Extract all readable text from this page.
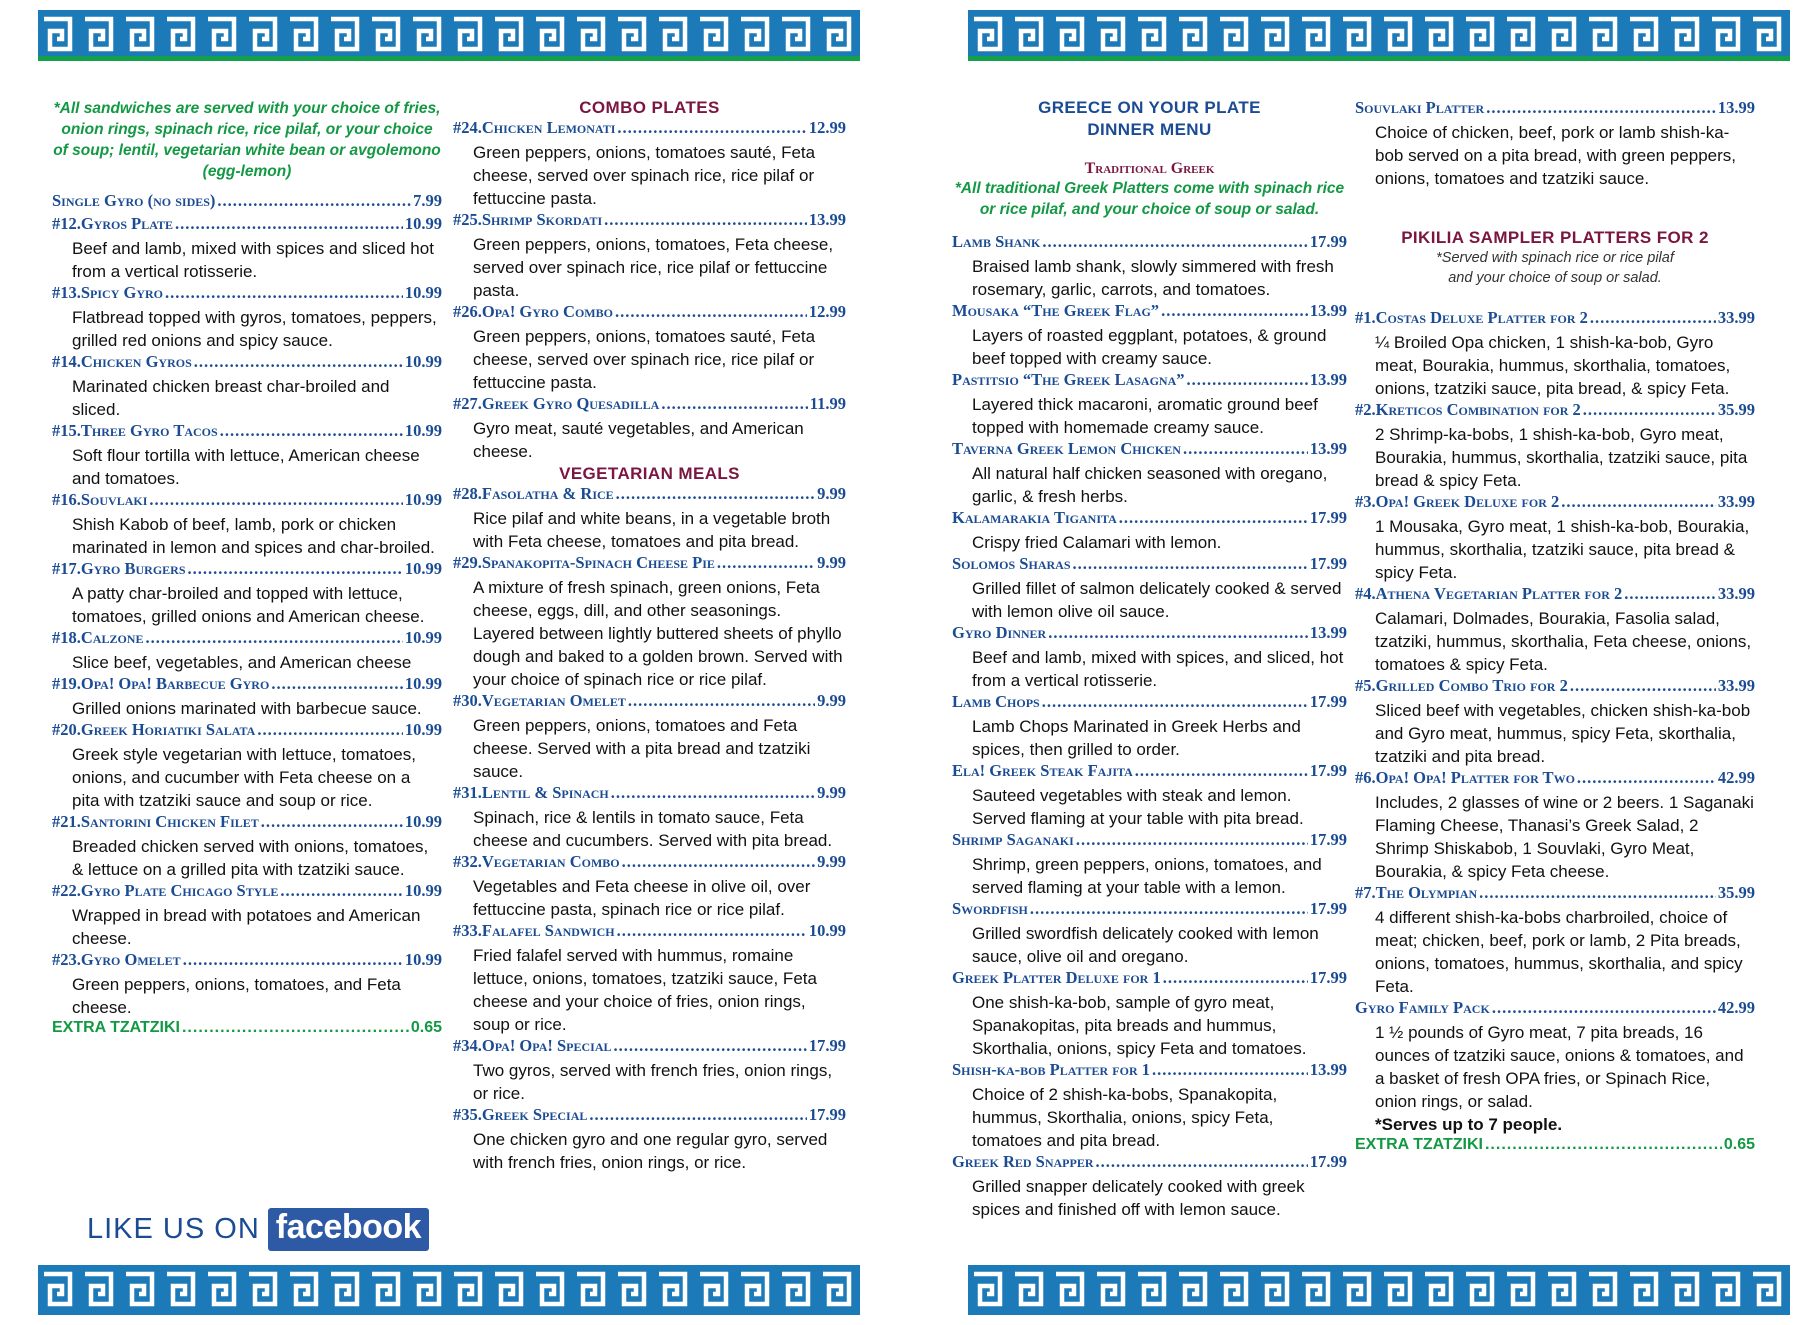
*All sandwiches are served with your choice of fries, onion rings, spinach rice, rice pilaf, or your choice of soup; lentil, vegetarian white bean or avgolemono (egg-lemon)
Single Gyro (no sides) .....	7.99
#12.Gyros Plate .....	10.99
Beef and lamb, mixed with spices and sliced hot from a vertical rotisserie.
#13.Spicy Gyro .....	10.99
Flatbread topped with gyros, tomatoes, peppers, grilled red onions and spicy sauce.
#14.Chicken Gyros .....	10.99
Marinated chicken breast char-broiled and sliced.
#15.Three Gyro Tacos .....	10.99
Soft flour tortilla with lettuce, American cheese and tomatoes.
#16.Souvlaki .....	10.99
Shish Kabob of beef, lamb, pork or chicken marinated in lemon and spices and char-broiled.
#17.Gyro Burgers .....	10.99
A patty char-broiled and topped with lettuce, tomatoes, grilled onions and American cheese.
#18.Calzone .....	10.99
Slice beef, vegetables, and American cheese
#19.Opa! Opa! Barbecue Gyro .....	10.99
Grilled onions marinated with barbecue sauce.
#20.Greek Horiatiki Salata .....	10.99
Greek style vegetarian with lettuce, tomatoes, onions, and cucumber with Feta cheese on a pita with tzatziki sauce and soup or rice.
#21.Santorini Chicken Filet .....	10.99
Breaded chicken served with onions, tomatoes, & lettuce on a grilled pita with tzatziki sauce.
#22.Gyro Plate Chicago Style .....	10.99
Wrapped in bread with potatoes and American cheese.
#23.Gyro Omelet .....	10.99
Green peppers, onions, tomatoes, and Feta cheese.
EXTRA TZATZIKI .....	0.65
COMBO PLATES
#24.Chicken Lemonati .....	12.99
Green peppers, onions, tomatoes sauté, Feta cheese, served over spinach rice, rice pilaf or fettuccine pasta.
#25.Shrimp Skordati .....	13.99
Green peppers, onions, tomatoes, Feta cheese, served over spinach rice, rice pilaf or fettuccine pasta.
#26.Opa! Gyro Combo .....	12.99
Green peppers, onions, tomatoes sauté, Feta cheese, served over spinach rice, rice pilaf or fettuccine pasta.
#27.Greek Gyro Quesadilla .....	11.99
Gyro meat, sauté vegetables, and American cheese.
VEGETARIAN MEALS
#28.Fasolatha & Rice .....	9.99
Rice pilaf and white beans, in a vegetable broth with Feta cheese, tomatoes and pita bread.
#29.Spanakopita-Spinach Cheese Pie .....	9.99
A mixture of fresh spinach, green onions, Feta cheese, eggs, dill, and other seasonings. Layered between lightly buttered sheets of phyllo dough and baked to a golden brown. Served with your choice of spinach rice or rice pilaf.
#30.Vegetarian Omelet .....	9.99
Green peppers, onions, tomatoes and Feta cheese. Served with a pita bread and tzatziki sauce.
#31.Lentil & Spinach .....	9.99
Spinach, rice & lentils in tomato sauce, Feta cheese and cucumbers. Served with pita bread.
#32.Vegetarian Combo .....	9.99
Vegetables and Feta cheese in olive oil, over fettuccine pasta, spinach rice or rice pilaf.
#33.Falafel Sandwich .....	10.99
Fried falafel served with hummus, romaine lettuce, onions, tomatoes, tzatziki sauce, Feta cheese and your choice of fries, onion rings, soup or rice.
#34.Opa! Opa! Special .....	17.99
Two gyros, served with french fries, onion rings, or rice.
#35.Greek Special .....	17.99
One chicken gyro and one regular gyro, served with french fries, onion rings, or rice.
LIKE US ON facebook
GREECE ON YOUR PLATE
DINNER MENU
Traditional Greek
*All traditional Greek Platters come with spinach rice or rice pilaf, and your choice of soup or salad.
Lamb Shank .....	17.99
Braised lamb shank, slowly simmered with fresh rosemary, garlic, carrots, and tomatoes.
Mousaka “The Greek Flag” .....	13.99
Layers of roasted eggplant, potatoes, & ground beef topped with creamy sauce.
Pastitsio “The Greek Lasagna” .....	13.99
Layered thick macaroni, aromatic ground beef topped with homemade creamy sauce.
Taverna Greek Lemon Chicken .....	13.99
All natural half chicken seasoned with oregano, garlic, & fresh herbs.
Kalamarakia Tiganita .....	17.99
Crispy fried Calamari with lemon.
Solomos Sharas .....	17.99
Grilled fillet of salmon delicately cooked & served with lemon olive oil sauce.
Gyro Dinner .....	13.99
Beef and lamb, mixed with spices, and sliced, hot from a vertical rotisserie.
Lamb Chops .....	17.99
Lamb Chops Marinated in Greek Herbs and spices, then grilled to order.
Ela! Greek Steak Fajita .....	17.99
Sauteed vegetables with steak and lemon. Served flaming at your table with pita bread.
Shrimp Saganaki .....	17.99
Shrimp, green peppers, onions, tomatoes, and served flaming at your table with a lemon.
Swordfish .....	17.99
Grilled swordfish delicately cooked with lemon sauce, olive oil and oregano.
Greek Platter Deluxe for 1 .....	17.99
One shish-ka-bob, sample of gyro meat, Spanakopitas, pita breads and hummus, Skorthalia, onions, spicy Feta and tomatoes.
Shish-ka-bob Platter for 1 .....	13.99
Choice of 2 shish-ka-bobs, Spanakopita, hummus, Skorthalia, onions, spicy Feta, tomatoes and pita bread.
Greek Red Snapper .....	17.99
Grilled snapper delicately cooked with greek spices and finished off with lemon sauce.
Souvlaki Platter .....	13.99
Choice of chicken, beef, pork or lamb shish-ka-bob served on a pita bread, with green peppers, onions, tomatoes and tzatziki sauce.
PIKILIA SAMPLER PLATTERS FOR 2
*Served with spinach rice or rice pilaf
and your choice of soup or salad.
#1.Costas Deluxe Platter for 2 .....	33.99
¼ Broiled Opa chicken, 1 shish-ka-bob, Gyro meat, Bourakia, hummus, skorthalia, tomatoes, onions, tzatziki sauce, pita bread, & spicy Feta.
#2.Kreticos Combination for 2 .....	35.99
2 Shrimp-ka-bobs, 1 shish-ka-bob, Gyro meat, Bourakia, hummus, skorthalia, tzatziki sauce, pita bread & spicy Feta.
#3.Opa! Greek Deluxe for 2 .....	33.99
1 Mousaka, Gyro meat, 1 shish-ka-bob, Bourakia, hummus, skorthalia, tzatziki sauce, pita bread & spicy Feta.
#4.Athena Vegetarian Platter for 2 .....	33.99
Calamari, Dolmades, Bourakia, Fasolia salad, tzatziki, hummus, skorthalia, Feta cheese, onions, tomatoes & spicy Feta.
#5.Grilled Combo Trio for 2 .....	33.99
Sliced beef with vegetables, chicken shish-ka-bob and Gyro meat, hummus, spicy Feta, skorthalia, tzatziki and pita bread.
#6.Opa! Opa! Platter for Two .....	42.99
Includes, 2 glasses of wine or 2 beers. 1 Saganaki Flaming Cheese, Thanasi’s Greek Salad, 2 Shrimp Shiskabob, 1 Souvlaki, Gyro Meat, Bourakia, & spicy Feta cheese.
#7.The Olympian .....	35.99
4 different shish-ka-bobs charbroiled, choice of meat; chicken, beef, pork or lamb, 2 Pita breads, onions, tomatoes, hummus, skorthalia, and spicy Feta.
Gyro Family Pack .....	42.99
1 ½ pounds of Gyro meat, 7 pita breads, 16 ounces of tzatziki sauce, onions & tomatoes, and a basket of fresh OPA fries, or Spinach Rice, onion rings, or salad.
*Serves up to 7 people.
EXTRA TZATZIKI .....	0.65
